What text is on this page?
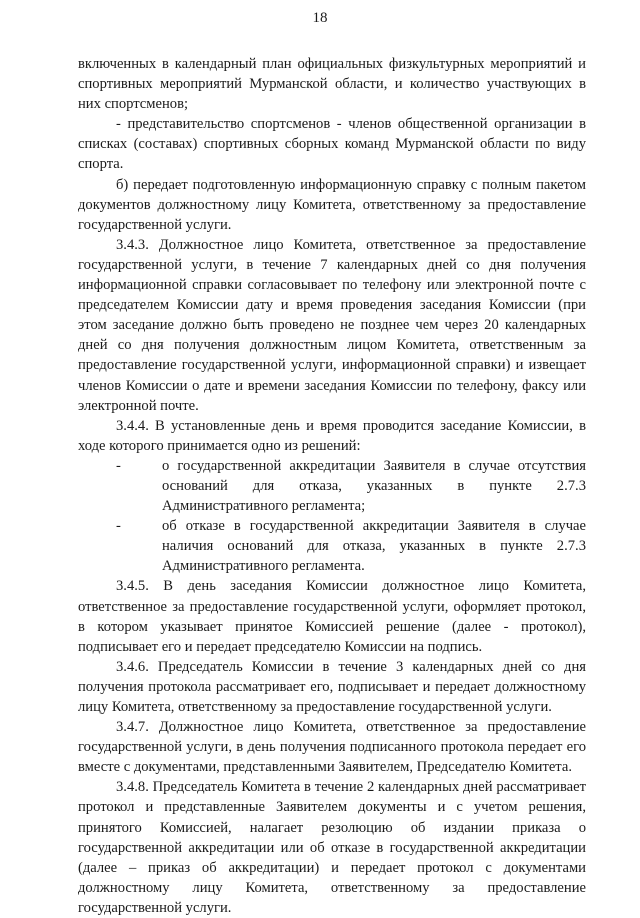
18

включенных в календарный план официальных физкультурных мероприятий и спортивных мероприятий Мурманской области, и количество участвующих в них спортсменов;

- представительство спортсменов - членов общественной организации в списках (составах) спортивных сборных команд Мурманской области по виду спорта.

б) передает подготовленную информационную справку с полным пакетом документов должностному лицу Комитета, ответственному за предоставление государственной услуги.

3.4.3. Должностное лицо Комитета, ответственное за предоставление государственной услуги, в течение 7 календарных дней со дня получения информационной справки согласовывает по телефону или электронной почте с председателем Комиссии дату и время проведения заседания Комиссии (при этом заседание должно быть проведено не позднее чем через 20 календарных дней со дня получения должностным лицом Комитета, ответственным за предоставление государственной услуги, информационной справки) и извещает членов Комиссии о дате и времени заседания Комиссии по телефону, факсу или электронной почте.

3.4.4. В установленные день и время проводится заседание Комиссии, в ходе которого принимается одно из решений:

-	о государственной аккредитации Заявителя в случае отсутствия оснований для отказа, указанных в пункте 2.7.3 Административного регламента;

-	об отказе в государственной аккредитации Заявителя в случае наличия оснований для отказа, указанных в пункте 2.7.3 Административного регламента.

3.4.5. В день заседания Комиссии должностное лицо Комитета, ответственное за предоставление государственной услуги, оформляет протокол, в котором указывает принятое Комиссией решение (далее - протокол), подписывает его и передает председателю Комиссии на подпись.

3.4.6. Председатель Комиссии в течение 3 календарных дней со дня получения протокола рассматривает его, подписывает и передает должностному лицу Комитета, ответственному за предоставление государственной услуги.

3.4.7. Должностное лицо Комитета, ответственное за предоставление государственной услуги, в день получения подписанного протокола передает его вместе с документами, представленными Заявителем, Председателю Комитета.

3.4.8. Председатель Комитета в течение 2 календарных дней рассматривает протокол и представленные Заявителем документы и с учетом решения, принятого Комиссией, налагает резолюцию об издании приказа о государственной аккредитации или об отказе в государственной аккредитации (далее – приказ об аккредитации) и передает протокол с документами должностному лицу Комитета, ответственному за предоставление государственной услуги.
